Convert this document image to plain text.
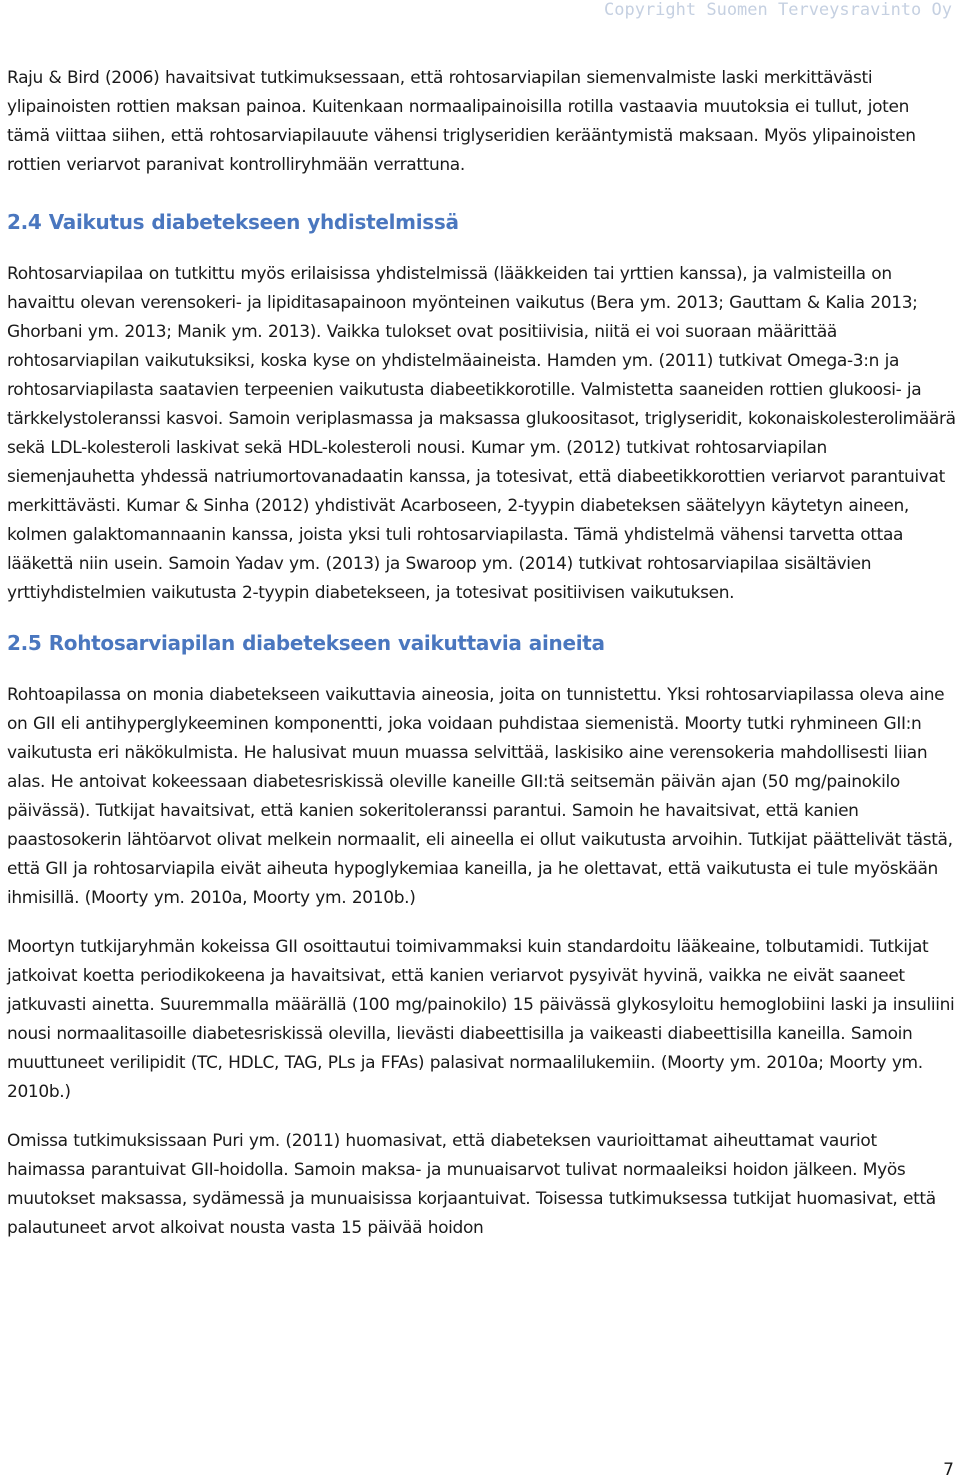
Copyright Suomen Terveysravinto Oy

Raju & Bird (2006) havaitsivat tutkimuksessaan, että rohtosarviapilan siemenvalmiste laski merkittävästi ylipainoisten rottien maksan painoa. Kuitenkaan normaalipainoisilla rotilla vastaavia muutoksia ei tullut, joten tämä viittaa siihen, että rohtosarviapilauute vähensi triglyseridien kerääntymistä maksaan. Myös ylipainoisten rottien veriarvot paranivat kontrolliryhmään verrattuna.

2.4 Vaikutus diabetekseen yhdistelmissä

Rohtosarviapilaa on tutkittu myös erilaisissa yhdistelmissä (lääkkeiden tai yrttien kanssa), ja valmisteilla on havaittu olevan verensokeri- ja lipiditasapainoon myönteinen vaikutus (Bera ym. 2013; Gauttam & Kalia 2013; Ghorbani ym. 2013; Manik ym. 2013). Vaikka tulokset ovat positiivisia, niitä ei voi suoraan määrittää rohtosarviapilan vaikutuksiksi, koska kyse on yhdistelmäaineista. Hamden ym. (2011) tutkivat Omega-3:n ja rohtosarviapilasta saatavien terpeenien vaikutusta diabeetikkorotille. Valmistetta saaneiden rottien glukoosi- ja tärkkelystoleranssi kasvoi. Samoin veriplasmassa ja maksassa glukoositasot, triglyseridit, kokonaiskolesterolimäärä sekä LDL-kolesteroli laskivat sekä HDL-kolesteroli nousi. Kumar ym. (2012) tutkivat rohtosarviapilan siemenjauhetta yhdessä natriumortovanadaatin kanssa, ja totesivat, että diabeetikkorottien veriarvot parantuivat merkittävästi. Kumar & Sinha (2012) yhdistivät Acarboseen, 2-tyypin diabeteksen säätelyyn käytetyn aineen, kolmen galaktomannaanin kanssa, joista yksi tuli rohtosarviapilasta. Tämä yhdistelmä vähensi tarvetta ottaa lääkettä niin usein. Samoin Yadav ym. (2013) ja Swaroop ym. (2014) tutkivat rohtosarviapilaa sisältävien yrttiyhdistelmien vaikutusta 2-tyypin diabetekseen, ja totesivat positiivisen vaikutuksen.

2.5 Rohtosarviapilan diabetekseen vaikuttavia aineita

Rohtoapilassa on monia diabetekseen vaikuttavia aineosia, joita on tunnistettu. Yksi rohtosarviapilassa oleva aine on GII eli antihyperglykeeminen komponentti, joka voidaan puhdistaa siemenistä. Moorty tutki ryhmineen GII:n vaikutusta eri näkökulmista. He halusivat muun muassa selvittää, laskisiko aine verensokeria mahdollisesti liian alas. He antoivat kokeessaan diabetesriskissä oleville kaneille GII:tä seitsemän päivän ajan (50 mg/painokilo päivässä). Tutkijat havaitsivat, että kanien sokeritoleranssi parantui. Samoin he havaitsivat, että kanien paastosokerin lähtöarvot olivat melkein normaalit, eli aineella ei ollut vaikutusta arvoihin. Tutkijat päättelivät tästä, että GII ja rohtosarviapila eivät aiheuta hypoglykemiaa kaneilla, ja he olettavat, että vaikutusta ei tule myöskään ihmisillä. (Moorty ym. 2010a, Moorty ym. 2010b.)

Moortyn tutkijaryhmän kokeissa GII osoittautui toimivammaksi kuin standardoitu lääkeaine, tolbutamidi. Tutkijat jatkoivat koetta periodikokeena ja havaitsivat, että kanien veriarvot pysyivät hyvinä, vaikka ne eivät saaneet jatkuvasti ainetta. Suuremmalla määrällä (100 mg/painokilo) 15 päivässä glykosyloitu hemoglobiini laski ja insuliini nousi normaalitasoille diabetesriskissä olevilla, lievästi diabeettisilla ja vaikeasti diabeettisilla kaneilla. Samoin muuttuneet verilipidit (TC, HDLC, TAG, PLs ja FFAs) palasivat normaalilukemiin. (Moorty ym. 2010a; Moorty ym. 2010b.)

Omissa tutkimuksissaan Puri ym. (2011) huomasivat, että diabeteksen vaurioittamat aiheuttamat vauriot haimassa parantuivat GII-hoidolla. Samoin maksa- ja munuaisarvot tulivat normaaleiksi hoidon jälkeen. Myös muutokset maksassa, sydämessä ja munuaisissa korjaantuivat. Toisessa tutkimuksessa tutkijat huomasivat, että palautuneet arvot alkoivat nousta vasta 15 päivää hoidon

7
